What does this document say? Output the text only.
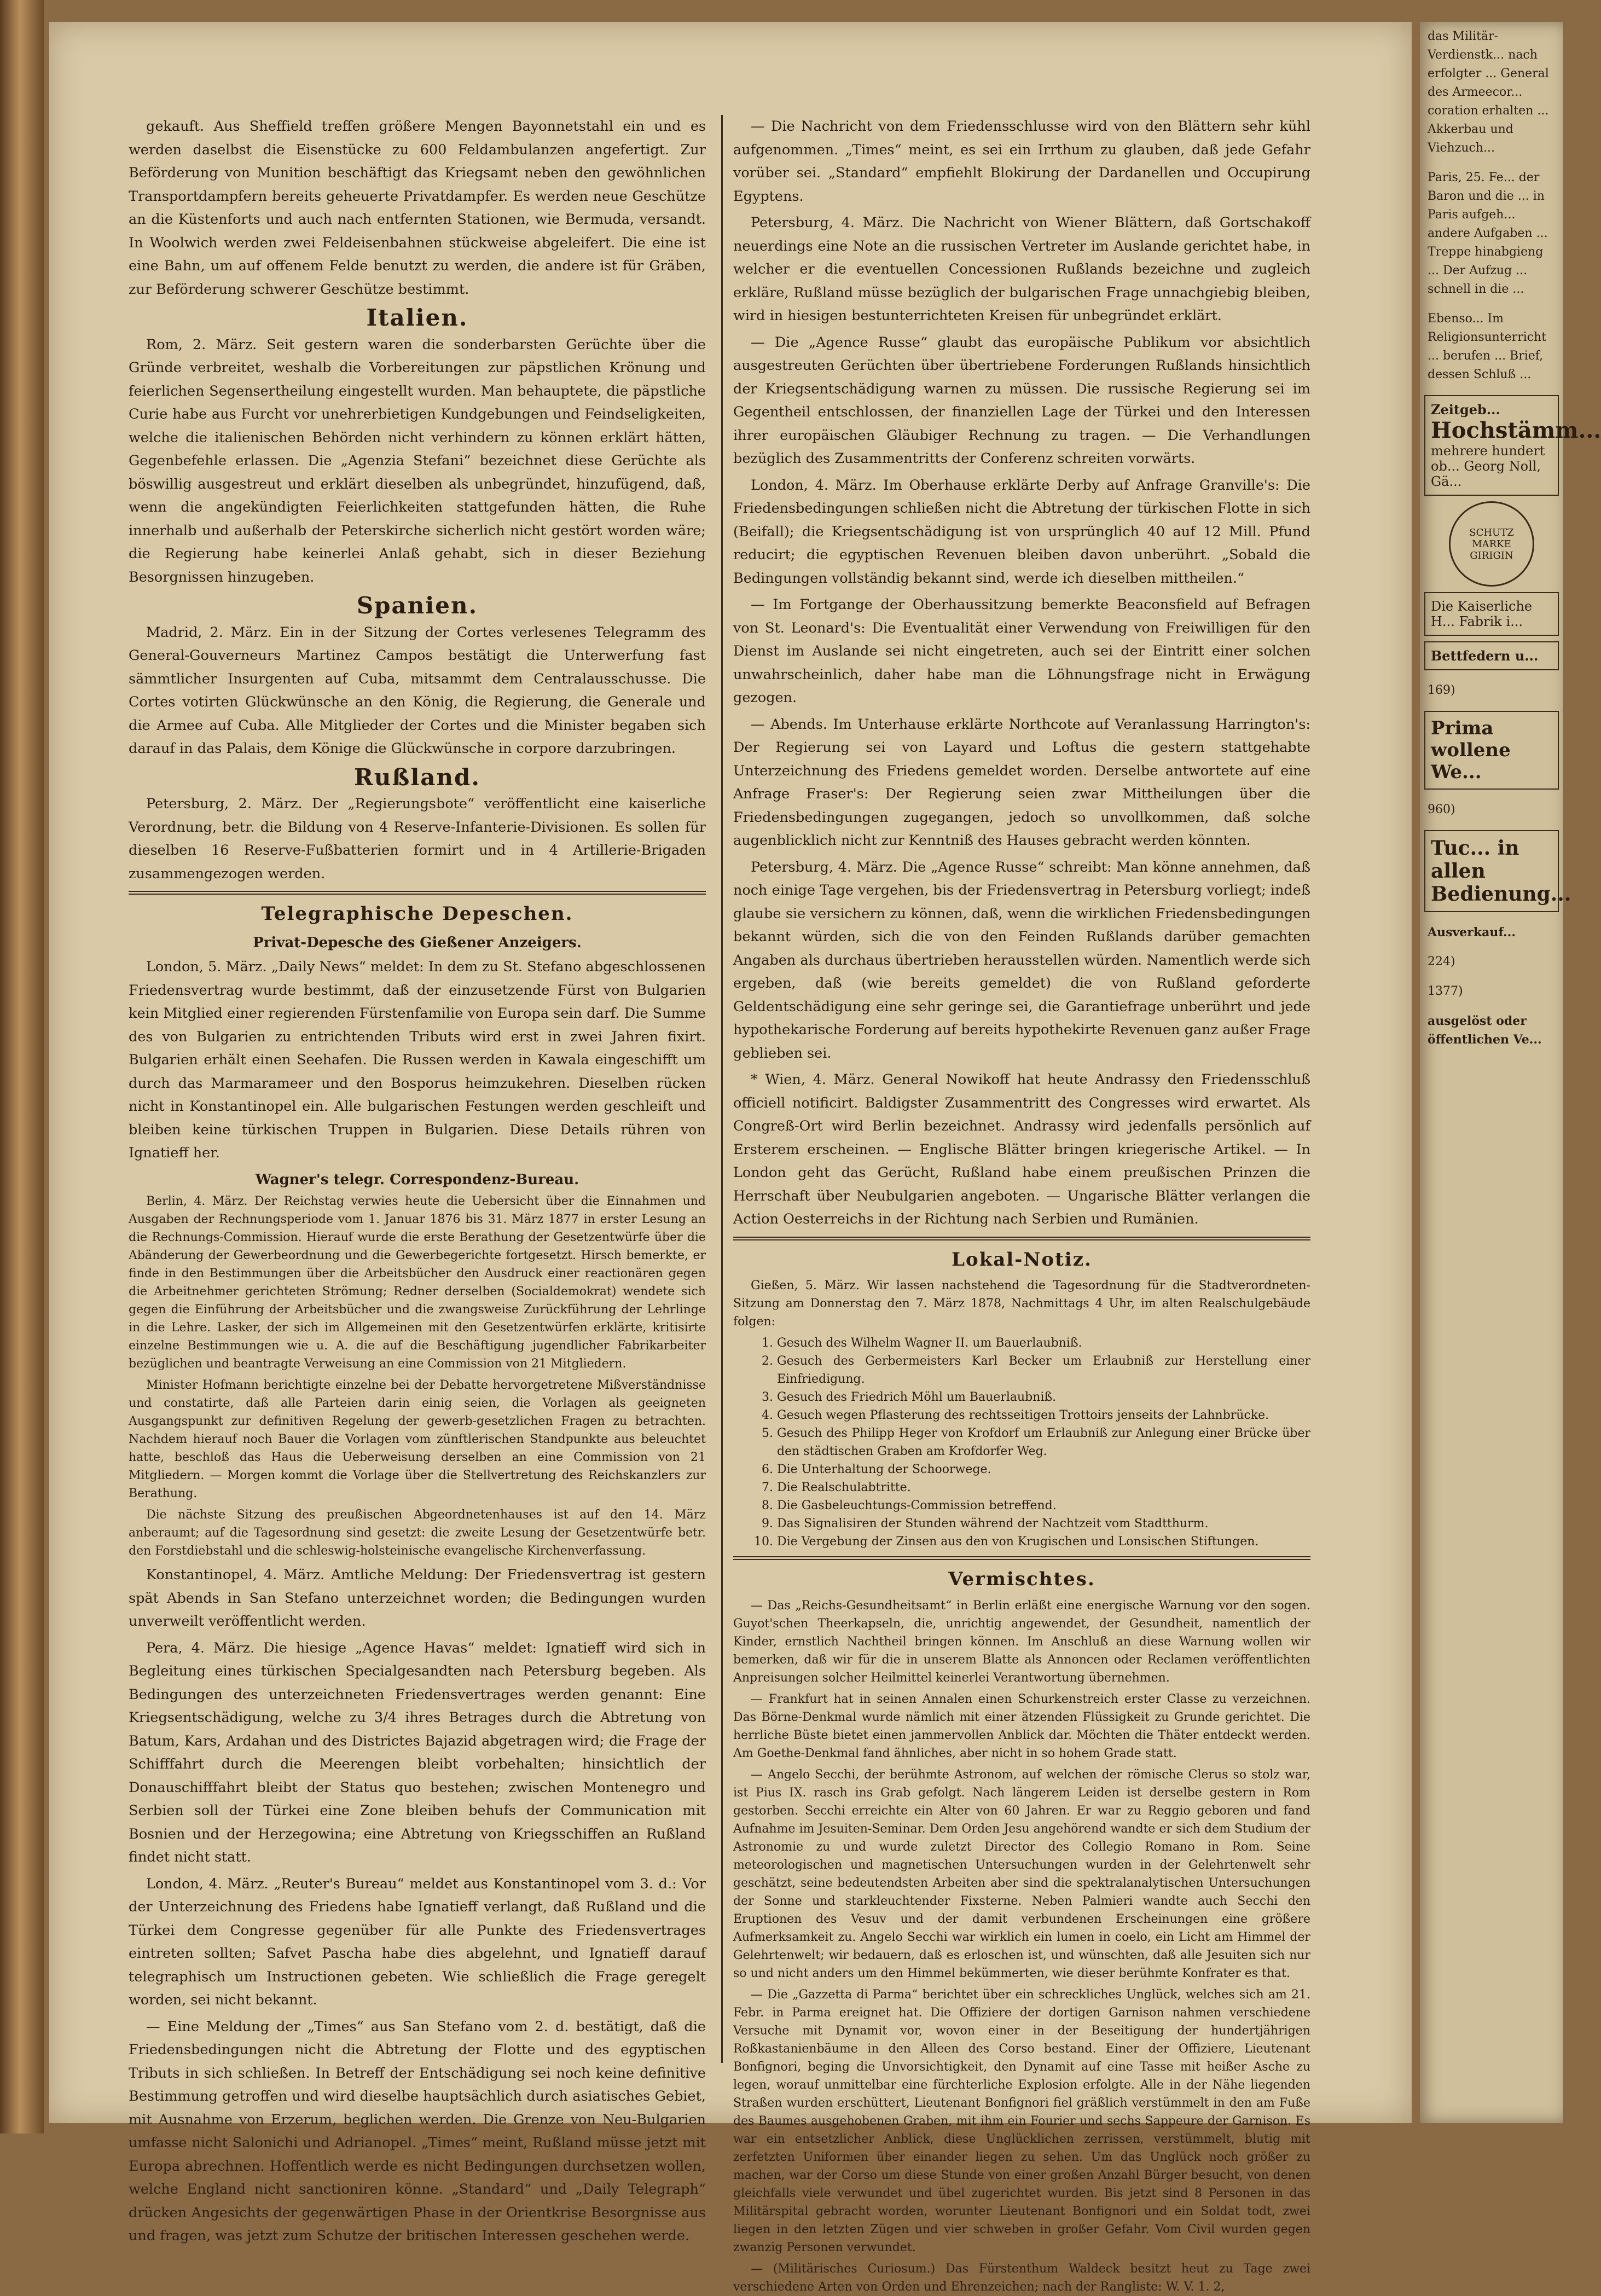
gekauft. Aus Sheffield treffen größere Mengen Bayonnetstahl ein und es werden daselbst die Eisenstücke zu 600 Feldambulanzen angefertigt. Zur Beförderung von Munition beschäftigt das Kriegsamt neben den gewöhnlichen Transportdampfern bereits geheuerte Privatdampfer. Es werden neue Geschütze an die Küstenforts und auch nach entfernten Stationen, wie Bermuda, versandt. In Woolwich werden zwei Feldeisenbahnen stückweise abgeleifert. Die eine ist eine Bahn, um auf offenem Felde benutzt zu werden, die andere ist für Gräben, zur Beförderung schwerer Geschütze bestimmt.

Italien.

Rom, 2. März. Seit gestern waren die sonderbarsten Gerüchte über die Gründe verbreitet, weshalb die Vorbereitungen zur päpstlichen Krönung und feierlichen Segensertheilung eingestellt wurden. Man behauptete, die päpstliche Curie habe aus Furcht vor unehrerbietigen Kundgebungen und Feindseligkeiten, welche die italienischen Behörden nicht verhindern zu können erklärt hätten, Gegenbefehle erlassen. Die „Agenzia Stefani“ bezeichnet diese Gerüchte als böswillig ausgestreut und erklärt dieselben als unbegründet, hinzufügend, daß, wenn die angekündigten Feierlichkeiten stattgefunden hätten, die Ruhe innerhalb und außerhalb der Peterskirche sicherlich nicht gestört worden wäre; die Regierung habe keinerlei Anlaß gehabt, sich in dieser Beziehung Besorgnissen hinzugeben.

Spanien.

Madrid, 2. März. Ein in der Sitzung der Cortes verlesenes Telegramm des General-Gouverneurs Martinez Campos bestätigt die Unterwerfung fast sämmtlicher Insurgenten auf Cuba, mitsammt dem Centralausschusse. Die Cortes votirten Glückwünsche an den König, die Regierung, die Generale und die Armee auf Cuba. Alle Mitglieder der Cortes und die Minister begaben sich darauf in das Palais, dem Könige die Glückwünsche in corpore darzubringen.

Rußland.

Petersburg, 2. März. Der „Regierungsbote“ veröffentlicht eine kaiserliche Verordnung, betr. die Bildung von 4 Reserve-Infanterie-Divisionen. Es sollen für dieselben 16 Reserve-Fußbatterien formirt und in 4 Artillerie-Brigaden zusammengezogen werden.

Telegraphische Depeschen.
Privat-Depesche des Gießener Anzeigers.

London, 5. März. „Daily News“ meldet: In dem zu St. Stefano abgeschlossenen Friedensvertrag wurde bestimmt, daß der einzusetzende Fürst von Bulgarien kein Mitglied einer regierenden Fürstenfamilie von Europa sein darf. Die Summe des von Bulgarien zu entrichtenden Tributs wird erst in zwei Jahren fixirt. Bulgarien erhält einen Seehafen. Die Russen werden in Kawala eingeschifft um durch das Marmarameer und den Bosporus heimzukehren. Dieselben rücken nicht in Konstantinopel ein. Alle bulgarischen Festungen werden geschleift und bleiben keine türkischen Truppen in Bulgarien. Diese Details rühren von Ignatieff her.

Wagner's telegr. Correspondenz-Bureau.

Berlin, 4. März. Der Reichstag verwies heute die Uebersicht über die Einnahmen und Ausgaben der Rechnungsperiode vom 1. Januar 1876 bis 31. März 1877 in erster Lesung an die Rechnungs-Commission. Hierauf wurde die erste Berathung der Gesetzentwürfe über die Abänderung der Gewerbeordnung und die Gewerbegerichte fortgesetzt. Hirsch bemerkte, er finde in den Bestimmungen über die Arbeitsbücher den Ausdruck einer reactionären gegen die Arbeitnehmer gerichteten Strömung; Redner derselben (Socialdemokrat) wendete sich gegen die Einführung der Arbeitsbücher und die zwangsweise Zurückführung der Lehrlinge in die Lehre. Lasker, der sich im Allgemeinen mit den Gesetzentwürfen erklärte, kritisirte einzelne Bestimmungen wie u. A. die auf die Beschäftigung jugendlicher Fabrikarbeiter bezüglichen und beantragte Verweisung an eine Commission von 21 Mitgliedern.

Minister Hofmann berichtigte einzelne bei der Debatte hervorgetretene Mißverständnisse und constatirte, daß alle Parteien darin einig seien, die Vorlagen als geeigneten Ausgangspunkt zur definitiven Regelung der gewerb-gesetzlichen Fragen zu betrachten. Nachdem hierauf noch Bauer die Vorlagen vom zünftlerischen Standpunkte aus beleuchtet hatte, beschloß das Haus die Ueberweisung derselben an eine Commission von 21 Mitgliedern. — Morgen kommt die Vorlage über die Stellvertretung des Reichskanzlers zur Berathung.

Die nächste Sitzung des preußischen Abgeordnetenhauses ist auf den 14. März anberaumt; auf die Tagesordnung sind gesetzt: die zweite Lesung der Gesetzentwürfe betr. den Forstdiebstahl und die schleswig-holsteinische evangelische Kirchenverfassung.

Konstantinopel, 4. März. Amtliche Meldung: Der Friedensvertrag ist gestern spät Abends in San Stefano unterzeichnet worden; die Bedingungen wurden unverweilt veröffentlicht werden.

Pera, 4. März. Die hiesige „Agence Havas“ meldet: Ignatieff wird sich in Begleitung eines türkischen Specialgesandten nach Petersburg begeben. Als Bedingungen des unterzeichneten Friedensvertrages werden genannt: Eine Kriegsentschädigung, welche zu 3/4 ihres Betrages durch die Abtretung von Batum, Kars, Ardahan und des Districtes Bajazid abgetragen wird; die Frage der Schifffahrt durch die Meerengen bleibt vorbehalten; hinsichtlich der Donauschifffahrt bleibt der Status quo bestehen; zwischen Montenegro und Serbien soll der Türkei eine Zone bleiben behufs der Communication mit Bosnien und der Herzegowina; eine Abtretung von Kriegsschiffen an Rußland findet nicht statt.

London, 4. März. „Reuter's Bureau“ meldet aus Konstantinopel vom 3. d.: Vor der Unterzeichnung des Friedens habe Ignatieff verlangt, daß Rußland und die Türkei dem Congresse gegenüber für alle Punkte des Friedensvertrages eintreten sollten; Safvet Pascha habe dies abgelehnt, und Ignatieff darauf telegraphisch um Instructionen gebeten. Wie schließlich die Frage geregelt worden, sei nicht bekannt.

— Eine Meldung der „Times“ aus San Stefano vom 2. d. bestätigt, daß die Friedensbedingungen nicht die Abtretung der Flotte und des egyptischen Tributs in sich schließen. In Betreff der Entschädigung sei noch keine definitive Bestimmung getroffen und wird dieselbe hauptsächlich durch asiatisches Gebiet, mit Ausnahme von Erzerum, beglichen werden. Die Grenze von Neu-Bulgarien umfasse nicht Salonichi und Adrianopel. „Times“ meint, Rußland müsse jetzt mit Europa abrechnen. Hoffentlich werde es nicht Bedingungen durchsetzen wollen, welche England nicht sanctioniren könne. „Standard“ und „Daily Telegraph“ drücken Angesichts der gegenwärtigen Phase in der Orientkrise Besorgnisse aus und fragen, was jetzt zum Schutze der britischen Interessen geschehen werde.

— Die Nachricht von dem Friedensschlusse wird von den Blättern sehr kühl aufgenommen. „Times“ meint, es sei ein Irrthum zu glauben, daß jede Gefahr vorüber sei. „Standard“ empfiehlt Blokirung der Dardanellen und Occupirung Egyptens.

Petersburg, 4. März. Die Nachricht von Wiener Blättern, daß Gortschakoff neuerdings eine Note an die russischen Vertreter im Auslande gerichtet habe, in welcher er die eventuellen Concessionen Rußlands bezeichne und zugleich erkläre, Rußland müsse bezüglich der bulgarischen Frage unnachgiebig bleiben, wird in hiesigen bestunterrichteten Kreisen für unbegründet erklärt.

— Die „Agence Russe“ glaubt das europäische Publikum vor absichtlich ausgestreuten Gerüchten über übertriebene Forderungen Rußlands hinsichtlich der Kriegsentschädigung warnen zu müssen. Die russische Regierung sei im Gegentheil entschlossen, der finanziellen Lage der Türkei und den Interessen ihrer europäischen Gläubiger Rechnung zu tragen. — Die Verhandlungen bezüglich des Zusammentritts der Conferenz schreiten vorwärts.

London, 4. März. Im Oberhause erklärte Derby auf Anfrage Granville's: Die Friedensbedingungen schließen nicht die Abtretung der türkischen Flotte in sich (Beifall); die Kriegsentschädigung ist von ursprünglich 40 auf 12 Mill. Pfund reducirt; die egyptischen Revenuen bleiben davon unberührt. „Sobald die Bedingungen vollständig bekannt sind, werde ich dieselben mittheilen.“

— Im Fortgange der Oberhaussitzung bemerkte Beaconsfield auf Befragen von St. Leonard's: Die Eventualität einer Verwendung von Freiwilligen für den Dienst im Auslande sei nicht eingetreten, auch sei der Eintritt einer solchen unwahrscheinlich, daher habe man die Löhnungsfrage nicht in Erwägung gezogen.

— Abends. Im Unterhause erklärte Northcote auf Veranlassung Harrington's: Der Regierung sei von Layard und Loftus die gestern stattgehabte Unterzeichnung des Friedens gemeldet worden. Derselbe antwortete auf eine Anfrage Fraser's: Der Regierung seien zwar Mittheilungen über die Friedensbedingungen zugegangen, jedoch so unvollkommen, daß solche augenblicklich nicht zur Kenntniß des Hauses gebracht werden könnten.

Petersburg, 4. März. Die „Agence Russe“ schreibt: Man könne annehmen, daß noch einige Tage vergehen, bis der Friedensvertrag in Petersburg vorliegt; indeß glaube sie versichern zu können, daß, wenn die wirklichen Friedensbedingungen bekannt würden, sich die von den Feinden Rußlands darüber gemachten Angaben als durchaus übertrieben herausstellen würden. Namentlich werde sich ergeben, daß (wie bereits gemeldet) die von Rußland geforderte Geldentschädigung eine sehr geringe sei, die Garantiefrage unberührt und jede hypothekarische Forderung auf bereits hypothekirte Revenuen ganz außer Frage geblieben sei.

* Wien, 4. März. General Nowikoff hat heute Andrassy den Friedensschluß officiell notificirt. Baldigster Zusammentritt des Congresses wird erwartet. Als Congreß-Ort wird Berlin bezeichnet. Andrassy wird jedenfalls persönlich auf Ersterem erscheinen. — Englische Blätter bringen kriegerische Artikel. — In London geht das Gerücht, Rußland habe einem preußischen Prinzen die Herrschaft über Neubulgarien angeboten. — Ungarische Blätter verlangen die Action Oesterreichs in der Richtung nach Serbien und Rumänien.

Lokal-Notiz.

Gießen, 5. März. Wir lassen nachstehend die Tagesordnung für die Stadtverordneten-Sitzung am Donnerstag den 7. März 1878, Nachmittags 4 Uhr, im alten Realschulgebäude folgen:

1. Gesuch des Wilhelm Wagner II. um Bauerlaubniß.
2. Gesuch des Gerbermeisters Karl Becker um Erlaubniß zur Herstellung einer Einfriedigung.
3. Gesuch des Friedrich Möhl um Bauerlaubniß.
4. Gesuch wegen Pflasterung des rechtsseitigen Trottoirs jenseits der Lahnbrücke.
5. Gesuch des Philipp Heger von Krofdorf um Erlaubniß zur Anlegung einer Brücke über den städtischen Graben am Krofdorfer Weg.
6. Die Unterhaltung der Schoorwege.
7. Die Realschulabtritte.
8. Die Gasbeleuchtungs-Commission betreffend.
9. Das Signalisiren der Stunden während der Nachtzeit vom Stadtthurm.
10. Die Vergebung der Zinsen aus den von Krugischen und Lonsischen Stiftungen.
Vermischtes.

— Das „Reichs-Gesundheitsamt“ in Berlin erläßt eine energische Warnung vor den sogen. Guyot'schen Theerkapseln, die, unrichtig angewendet, der Gesundheit, namentlich der Kinder, ernstlich Nachtheil bringen können. Im Anschluß an diese Warnung wollen wir bemerken, daß wir für die in unserem Blatte als Annoncen oder Reclamen veröffentlichten Anpreisungen solcher Heilmittel keinerlei Verantwortung übernehmen.

— Frankfurt hat in seinen Annalen einen Schurkenstreich erster Classe zu verzeichnen. Das Börne-Denkmal wurde nämlich mit einer ätzenden Flüssigkeit zu Grunde gerichtet. Die herrliche Büste bietet einen jammervollen Anblick dar. Möchten die Thäter entdeckt werden. Am Goethe-Denkmal fand ähnliches, aber nicht in so hohem Grade statt.

— Angelo Secchi, der berühmte Astronom, auf welchen der römische Clerus so stolz war, ist Pius IX. rasch ins Grab gefolgt. Nach längerem Leiden ist derselbe gestern in Rom gestorben. Secchi erreichte ein Alter von 60 Jahren. Er war zu Reggio geboren und fand Aufnahme im Jesuiten-Seminar. Dem Orden Jesu angehörend wandte er sich dem Studium der Astronomie zu und wurde zuletzt Director des Collegio Romano in Rom. Seine meteorologischen und magnetischen Untersuchungen wurden in der Gelehrtenwelt sehr geschätzt, seine bedeutendsten Arbeiten aber sind die spektralanalytischen Untersuchungen der Sonne und starkleuchtender Fixsterne. Neben Palmieri wandte auch Secchi den Eruptionen des Vesuv und der damit verbundenen Erscheinungen eine größere Aufmerksamkeit zu. Angelo Secchi war wirklich ein lumen in coelo, ein Licht am Himmel der Gelehrtenwelt; wir bedauern, daß es erloschen ist, und wünschten, daß alle Jesuiten sich nur so und nicht anders um den Himmel bekümmerten, wie dieser berühmte Konfrater es that.

— Die „Gazzetta di Parma“ berichtet über ein schreckliches Unglück, welches sich am 21. Febr. in Parma ereignet hat. Die Offiziere der dortigen Garnison nahmen verschiedene Versuche mit Dynamit vor, wovon einer in der Beseitigung der hundertjährigen Roßkastanienbäume in den Alleen des Corso bestand. Einer der Offiziere, Lieutenant Bonfignori, beging die Unvorsichtigkeit, den Dynamit auf eine Tasse mit heißer Asche zu legen, worauf unmittelbar eine fürchterliche Explosion erfolgte. Alle in der Nähe liegenden Straßen wurden erschüttert, Lieutenant Bonfignori fiel gräßlich verstümmelt in den am Fuße des Baumes ausgehobenen Graben, mit ihm ein Fourier und sechs Sappeure der Garnison. Es war ein entsetzlicher Anblick, diese Unglücklichen zerrissen, verstümmelt, blutig mit zerfetzten Uniformen über einander liegen zu sehen. Um das Unglück noch größer zu machen, war der Corso um diese Stunde von einer großen Anzahl Bürger besucht, von denen gleichfalls viele verwundet und übel zugerichtet wurden. Bis jetzt sind 8 Personen in das Militärspital gebracht worden, worunter Lieutenant Bonfignori und ein Soldat todt, zwei liegen in den letzten Zügen und vier schweben in großer Gefahr. Vom Civil wurden gegen zwanzig Personen verwundet.

— (Militärisches Curiosum.) Das Fürstenthum Waldeck besitzt heut zu Tage zwei verschiedene Arten von Orden und Ehrenzeichen; nach der Rangliste: W. V. 1. 2,

das Militär-Verdienstk... nach erfolgter ... General des Armeecor... coration erhalten ... Akkerbau und Viehzuch...
Paris, 25. Fe... der Baron und die ... in Paris aufgeh... andere Aufgaben ... Treppe hinabgieng ... Der Aufzug ... schnell in die ...
Ebenso... Im Religionsunterricht ... berufen ... Brief, dessen Schluß ...
Zeitgeb...
Hochstämm...
mehrere hundert ob... Georg Noll, Gä...
SCHUTZ MARKE GIRIGIN
Die Kaiserliche H... Fabrik i...
Bettfedern u...
169)
Prima wollene We...
960)
Tuc... in allen Bedienung...
Ausverkauf...
224)
1377)
ausgelöst oder öffentlichen Ve...
